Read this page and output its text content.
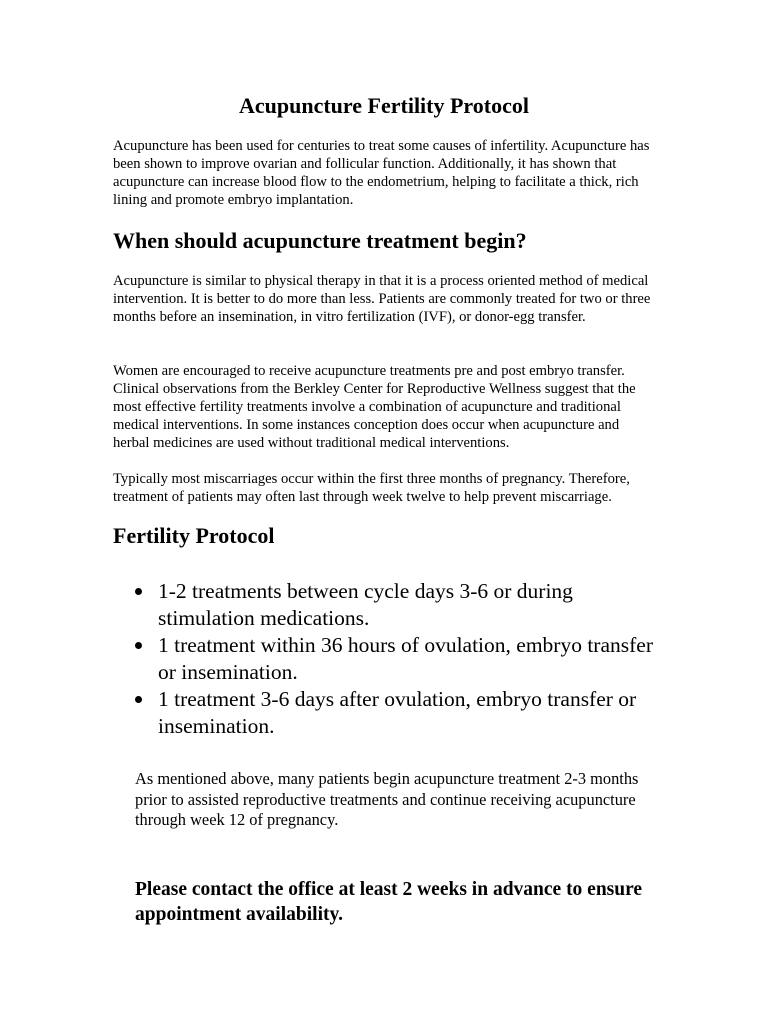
Acupuncture Fertility Protocol

Acupuncture has been used for centuries to treat some causes of infertility. Acupuncture has been shown to improve ovarian and follicular function. Additionally, it has shown that acupuncture can increase blood flow to the endometrium, helping to facilitate a thick, rich lining and promote embryo implantation.

When should acupuncture treatment begin?

Acupuncture is similar to physical therapy in that it is a process oriented method of medical intervention. It is better to do more than less. Patients are commonly treated for two or three months before an insemination, in vitro fertilization (IVF), or donor-egg transfer.

Women are encouraged to receive acupuncture treatments pre and post embryo transfer. Clinical observations from the Berkley Center for Reproductive Wellness suggest that the most effective fertility treatments involve a combination of acupuncture and traditional medical interventions. In some instances conception does occur when acupuncture and herbal medicines are used without traditional medical interventions.

Typically most miscarriages occur within the first three months of pregnancy. Therefore, treatment of patients may often last through week twelve to help prevent miscarriage.

Fertility Protocol
1-2 treatments between cycle days 3-6 or during stimulation medications.
1 treatment within 36 hours of ovulation, embryo transfer or insemination.
1 treatment 3-6 days after ovulation, embryo transfer or insemination.

As mentioned above, many patients begin acupuncture treatment 2-3 months prior to assisted reproductive treatments and continue receiving acupuncture through week 12 of pregnancy.

Please contact the office at least 2 weeks in advance to ensure appointment availability.
